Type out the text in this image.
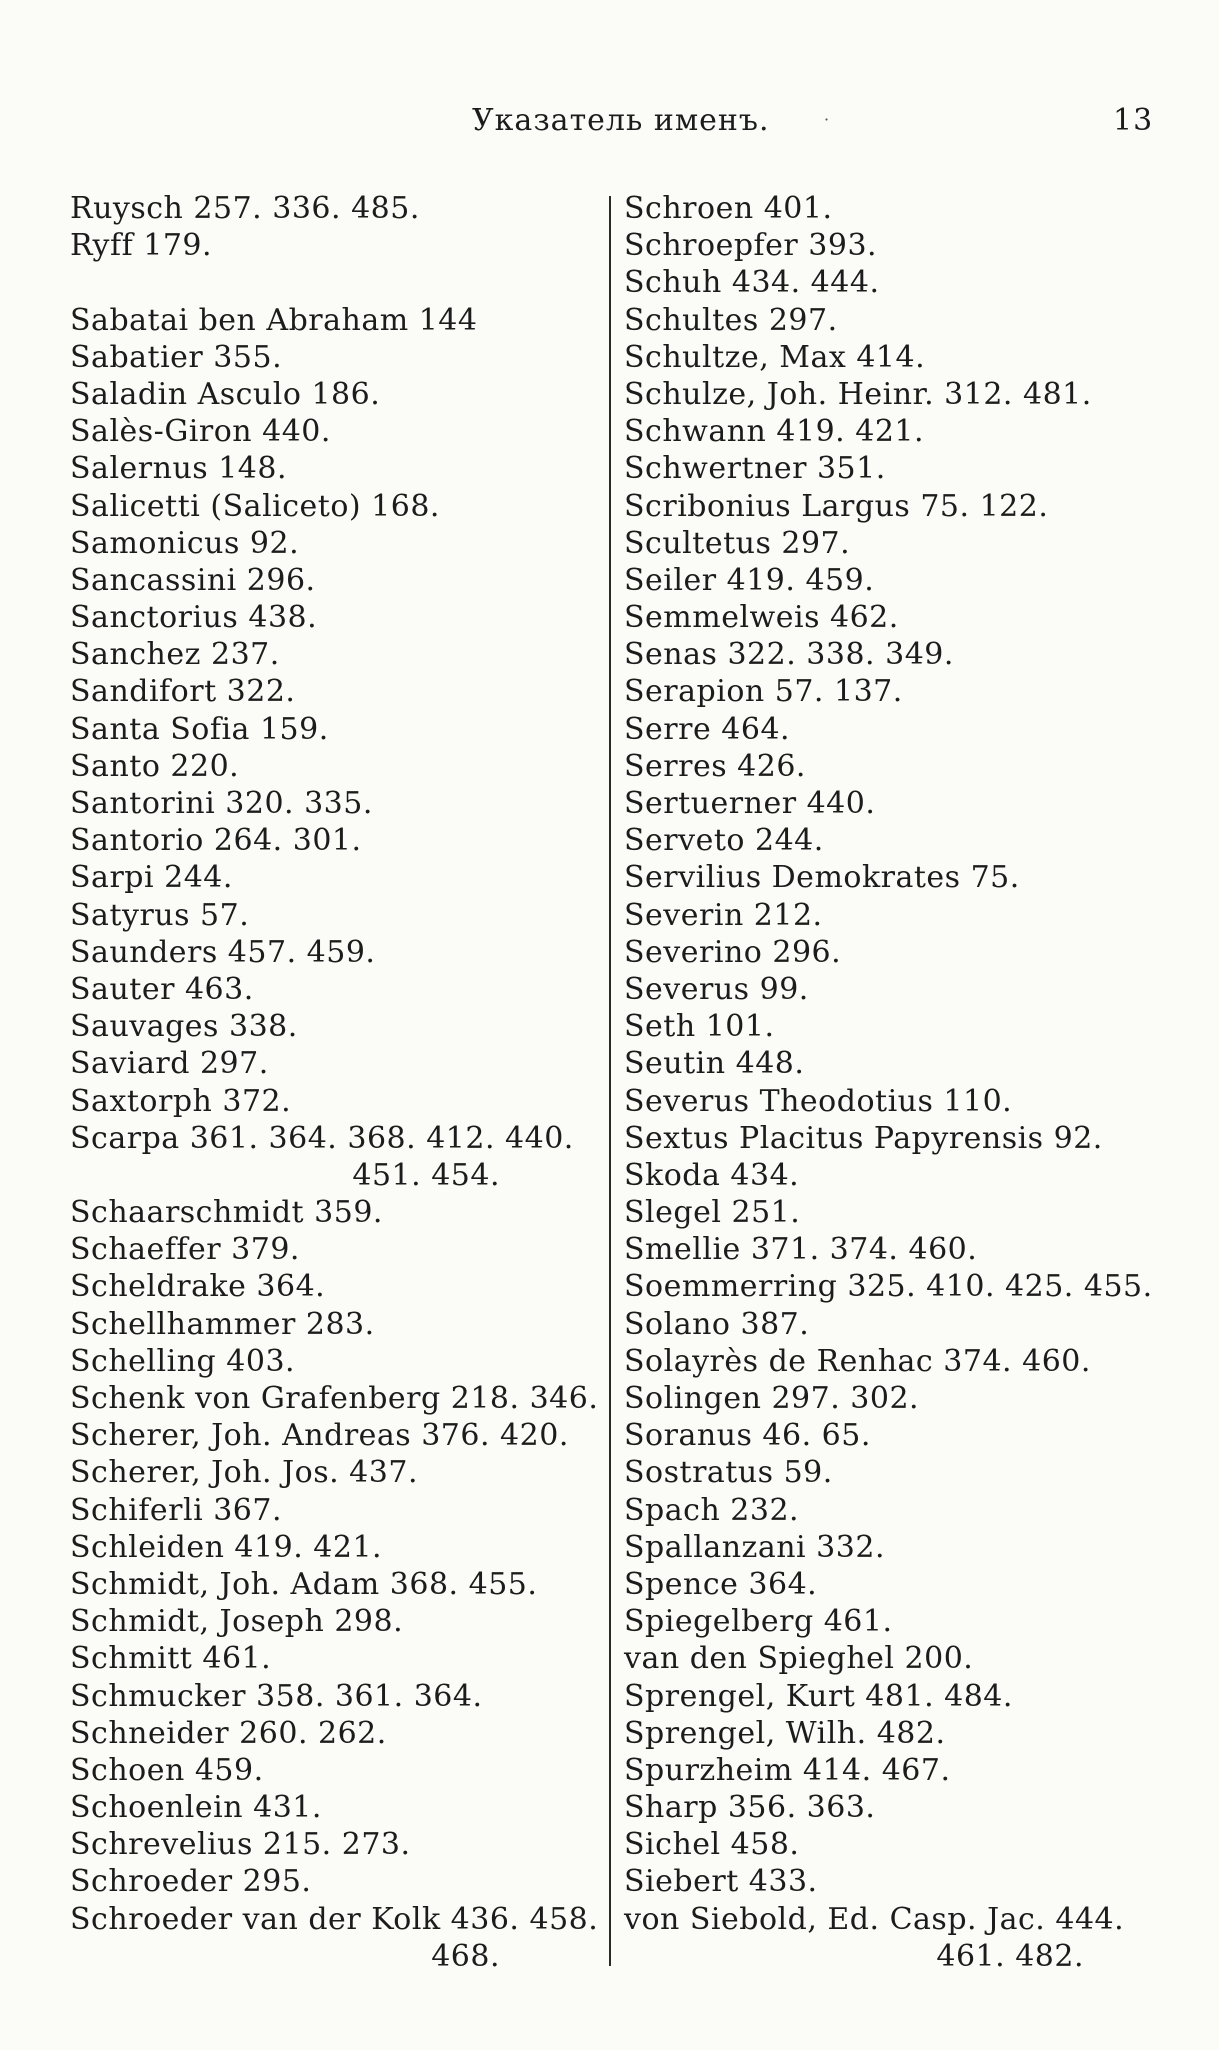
Указатель именъ.	·	13
Ruysch 257. 336. 485.
Ryff 179.
Sabatai ben Abraham 144
Sabatier 355.
Saladin Asculo 186.
Salès-Giron 440.
Salernus 148.
Salicetti (Saliceto) 168.
Samonicus 92.
Sancassini 296.
Sanctorius 438.
Sanchez 237.
Sandifort 322.
Santa Sofia 159.
Santo 220.
Santorini 320. 335.
Santorio 264. 301.
Sarpi 244.
Satyrus 57.
Saunders 457. 459.
Sauter 463.
Sauvages 338.
Saviard 297.
Saxtorph 372.
Scarpa 361. 364. 368. 412. 440.
451. 454.
Schaarschmidt 359.
Schaeffer 379.
Scheldrake 364.
Schellhammer 283.
Schelling 403.
Schenk von Grafenberg 218. 346.
Scherer, Joh. Andreas 376. 420.
Scherer, Joh. Jos. 437.
Schiferli 367.
Schleiden 419. 421.
Schmidt, Joh. Adam 368. 455.
Schmidt, Joseph 298.
Schmitt 461.
Schmucker 358. 361. 364.
Schneider 260. 262.
Schoen 459.
Schoenlein 431.
Schrevelius 215. 273.
Schroeder 295.
Schroeder van der Kolk 436. 458.
468.
Schroen 401.
Schroepfer 393.
Schuh 434. 444.
Schultes 297.
Schultze, Max 414.
Schulze, Joh. Heinr. 312. 481.
Schwann 419. 421.
Schwertner 351.
Scribonius Largus 75. 122.
Scultetus 297.
Seiler 419. 459.
Semmelweis 462.
Senas 322. 338. 349.
Serapion 57. 137.
Serre 464.
Serres 426.
Sertuerner 440.
Serveto 244.
Servilius Demokrates 75.
Severin 212.
Severino 296.
Severus 99.
Seth 101.
Seutin 448.
Severus Theodotius 110.
Sextus Placitus Papyrensis 92.
Skoda 434.
Slegel 251.
Smellie 371. 374. 460.
Soemmerring 325. 410. 425. 455.
Solano 387.
Solayrès de Renhac 374. 460.
Solingen 297. 302.
Soranus 46. 65.
Sostratus 59.
Spach 232.
Spallanzani 332.
Spence 364.
Spiegelberg 461.
van den Spieghel 200.
Sprengel, Kurt 481. 484.
Sprengel, Wilh. 482.
Spurzheim 414. 467.
Sharp 356. 363.
Sichel 458.
Siebert 433.
von Siebold, Ed. Casp. Jac. 444.
461. 482.
